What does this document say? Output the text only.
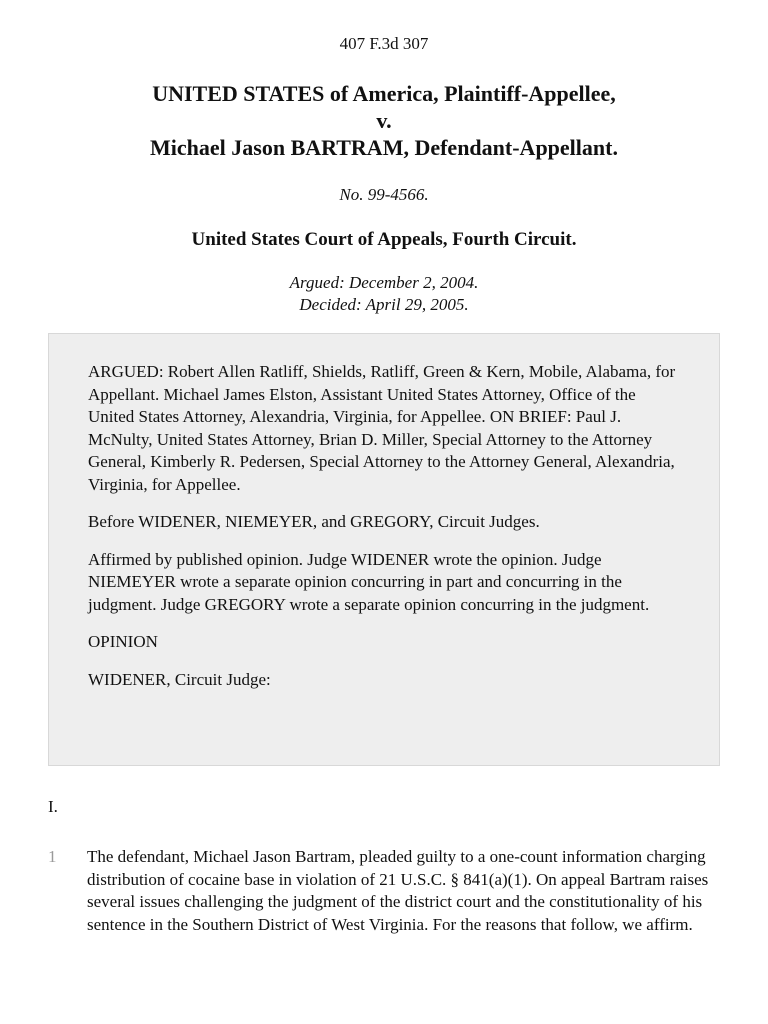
407 F.3d 307
UNITED STATES of America, Plaintiff-Appellee,
v.
Michael Jason BARTRAM, Defendant-Appellant.
No. 99-4566.
United States Court of Appeals, Fourth Circuit.
Argued: December 2, 2004.
Decided: April 29, 2005.

ARGUED: Robert Allen Ratliff, Shields, Ratliff, Green & Kern, Mobile, Alabama, for Appellant. Michael James Elston, Assistant United States Attorney, Office of the United States Attorney, Alexandria, Virginia, for Appellee. ON BRIEF: Paul J. McNulty, United States Attorney, Brian D. Miller, Special Attorney to the Attorney General, Kimberly R. Pedersen, Special Attorney to the Attorney General, Alexandria, Virginia, for Appellee.

Before WIDENER, NIEMEYER, and GREGORY, Circuit Judges.

Affirmed by published opinion. Judge WIDENER wrote the opinion. Judge NIEMEYER wrote a separate opinion concurring in part and concurring in the judgment. Judge GREGORY wrote a separate opinion concurring in the judgment.

OPINION

WIDENER, Circuit Judge:

I.
1	The defendant, Michael Jason Bartram, pleaded guilty to a one-count information charging distribution of cocaine base in violation of 21 U.S.C. § 841(a)(1). On appeal Bartram raises several issues challenging the judgment of the district court and the constitutionality of his sentence in the Southern District of West Virginia. For the reasons that follow, we affirm.
